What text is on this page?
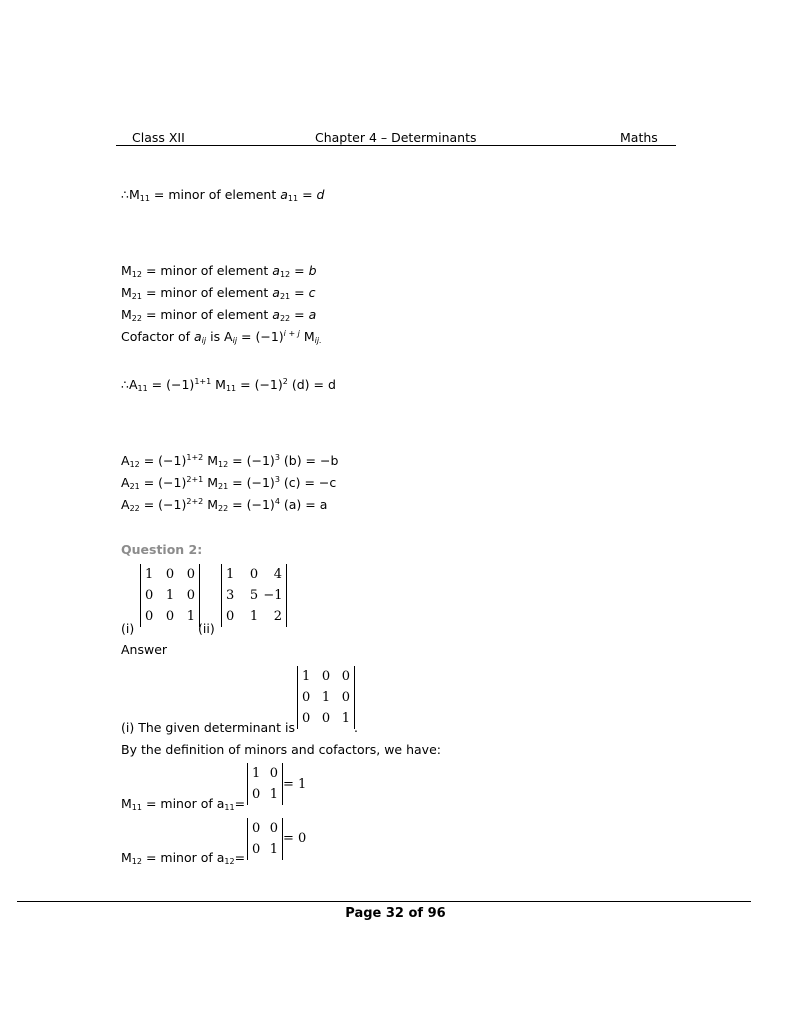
Class XII	Chapter 4 – Determinants	Maths
$\therefore M_{11}$ = minor of element $a_{11} = d$
$M_{12}$ = minor of element $a_{12} = b$
$M_{21}$ = minor of element $a_{21} = c$
$M_{22}$ = minor of element $a_{22} = a$
Cofactor of $a_{ij}$ is $A_{ij} = (-1)^{i + j}$ $M_{ij.}$
$\therefore A_{11} = (-1)^{1+1}$ $M_{11} = (-1)^2$ (d) = d
$A_{12} = (-1)^{1+2}$ $M_{12} = (-1)^3$ (b) = −b
$A_{21} = (-1)^{2+1}$ $M_{21} = (-1)^3$ (c) = −c
$A_{22} = (-1)^{2+2}$ $M_{22} = (-1)^4$ (a) = a
Question 2:
(i)
1 0 0
0 1 0
0 0 1
(ii)
1	0	4
3	5 −1
0	1	2
Answer
1 0 0
0 1 0
0 0 1
(i) The given determinant is	.
By the definition of minors and cofactors, we have:
$M_{11}$ = minor of $a_{11}=$
1 0
0 1
= 1
$M_{12}$ = minor of $a_{12}=$
0 0
0 1
= 0
Page 32 of 96
